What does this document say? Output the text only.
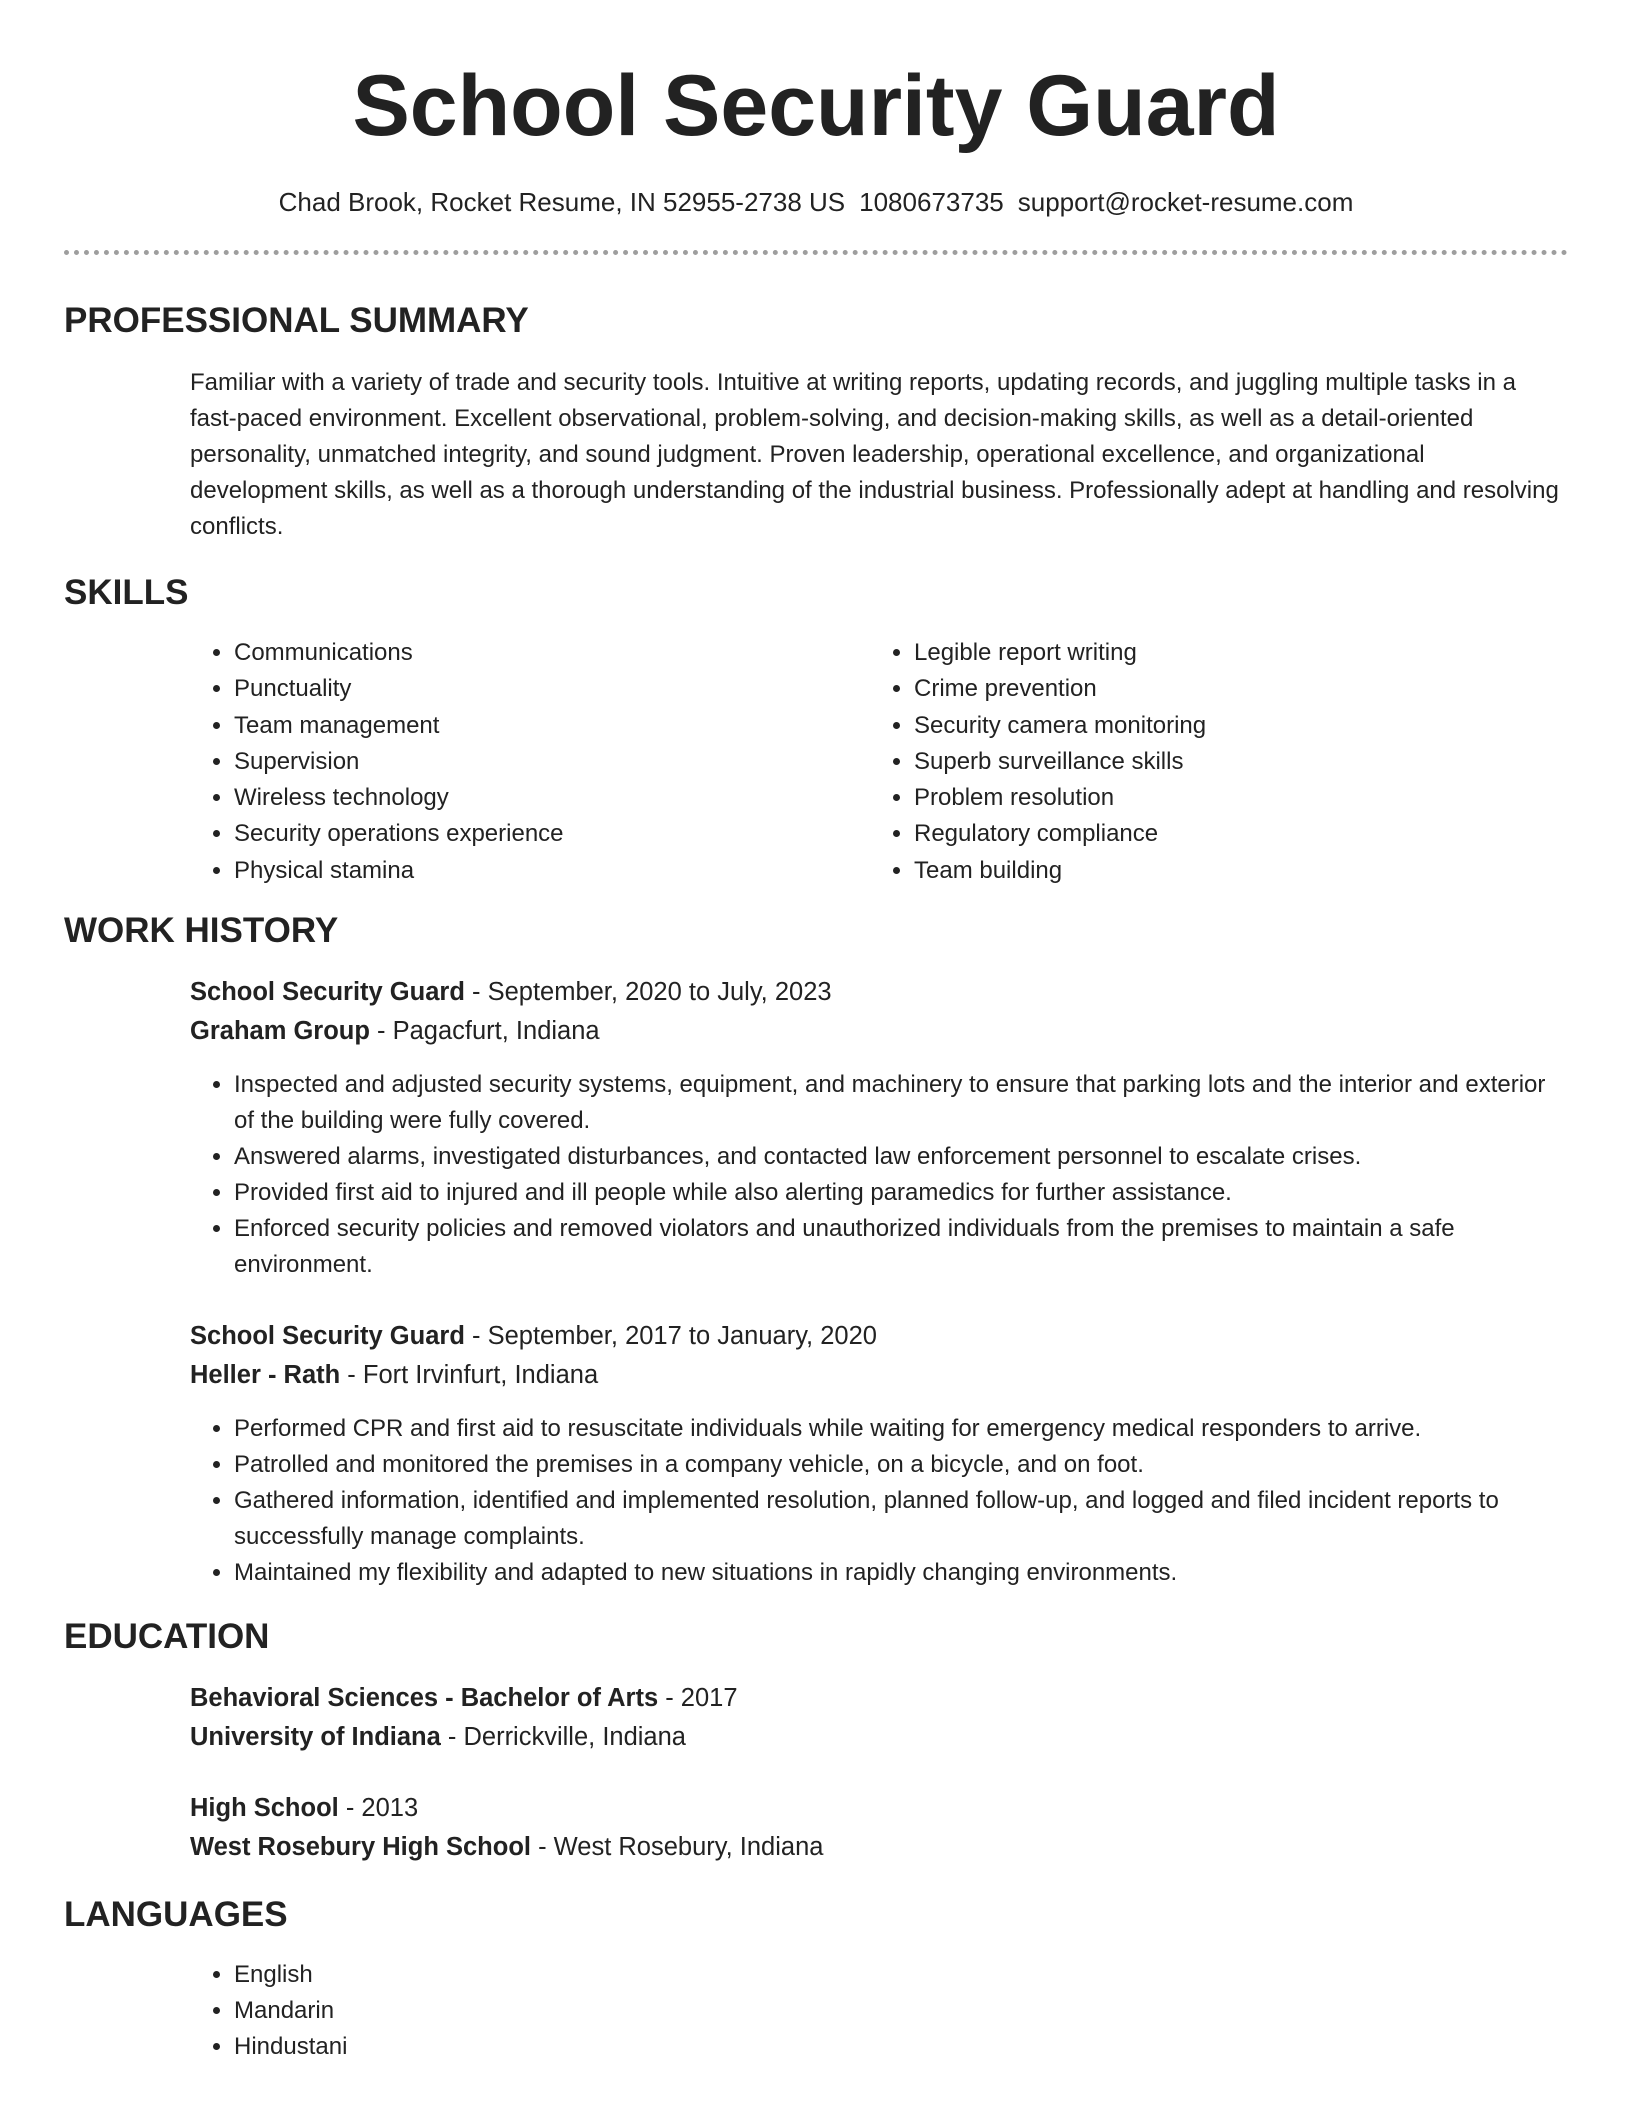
School Security Guard
Chad Brook, Rocket Resume, IN 52955-2738 US 1080673735 support@rocket-resume.com
PROFESSIONAL SUMMARY
Familiar with a variety of trade and security tools. Intuitive at writing reports, updating records, and juggling multiple tasks in a fast-paced environment. Excellent observational, problem-solving, and decision-making skills, as well as a detail-oriented personality, unmatched integrity, and sound judgment. Proven leadership, operational excellence, and organizational development skills, as well as a thorough understanding of the industrial business. Professionally adept at handling and resolving conflicts.
SKILLS
• Communications
• Punctuality
• Team management
• Supervision
• Wireless technology
• Security operations experience
• Physical stamina
• Legible report writing
• Crime prevention
• Security camera monitoring
• Superb surveillance skills
• Problem resolution
• Regulatory compliance
• Team building
WORK HISTORY
School Security Guard - September, 2020 to July, 2023
Graham Group - Pagacfurt, Indiana
• Inspected and adjusted security systems, equipment, and machinery to ensure that parking lots and the interior and exterior of the building were fully covered.
• Answered alarms, investigated disturbances, and contacted law enforcement personnel to escalate crises.
• Provided first aid to injured and ill people while also alerting paramedics for further assistance.
• Enforced security policies and removed violators and unauthorized individuals from the premises to maintain a safe environment.
School Security Guard - September, 2017 to January, 2020
Heller - Rath - Fort Irvinfurt, Indiana
• Performed CPR and first aid to resuscitate individuals while waiting for emergency medical responders to arrive.
• Patrolled and monitored the premises in a company vehicle, on a bicycle, and on foot.
• Gathered information, identified and implemented resolution, planned follow-up, and logged and filed incident reports to successfully manage complaints.
• Maintained my flexibility and adapted to new situations in rapidly changing environments.
EDUCATION
Behavioral Sciences - Bachelor of Arts - 2017
University of Indiana - Derrickville, Indiana
High School - 2013
West Rosebury High School - West Rosebury, Indiana
LANGUAGES
• English
• Mandarin
• Hindustani
